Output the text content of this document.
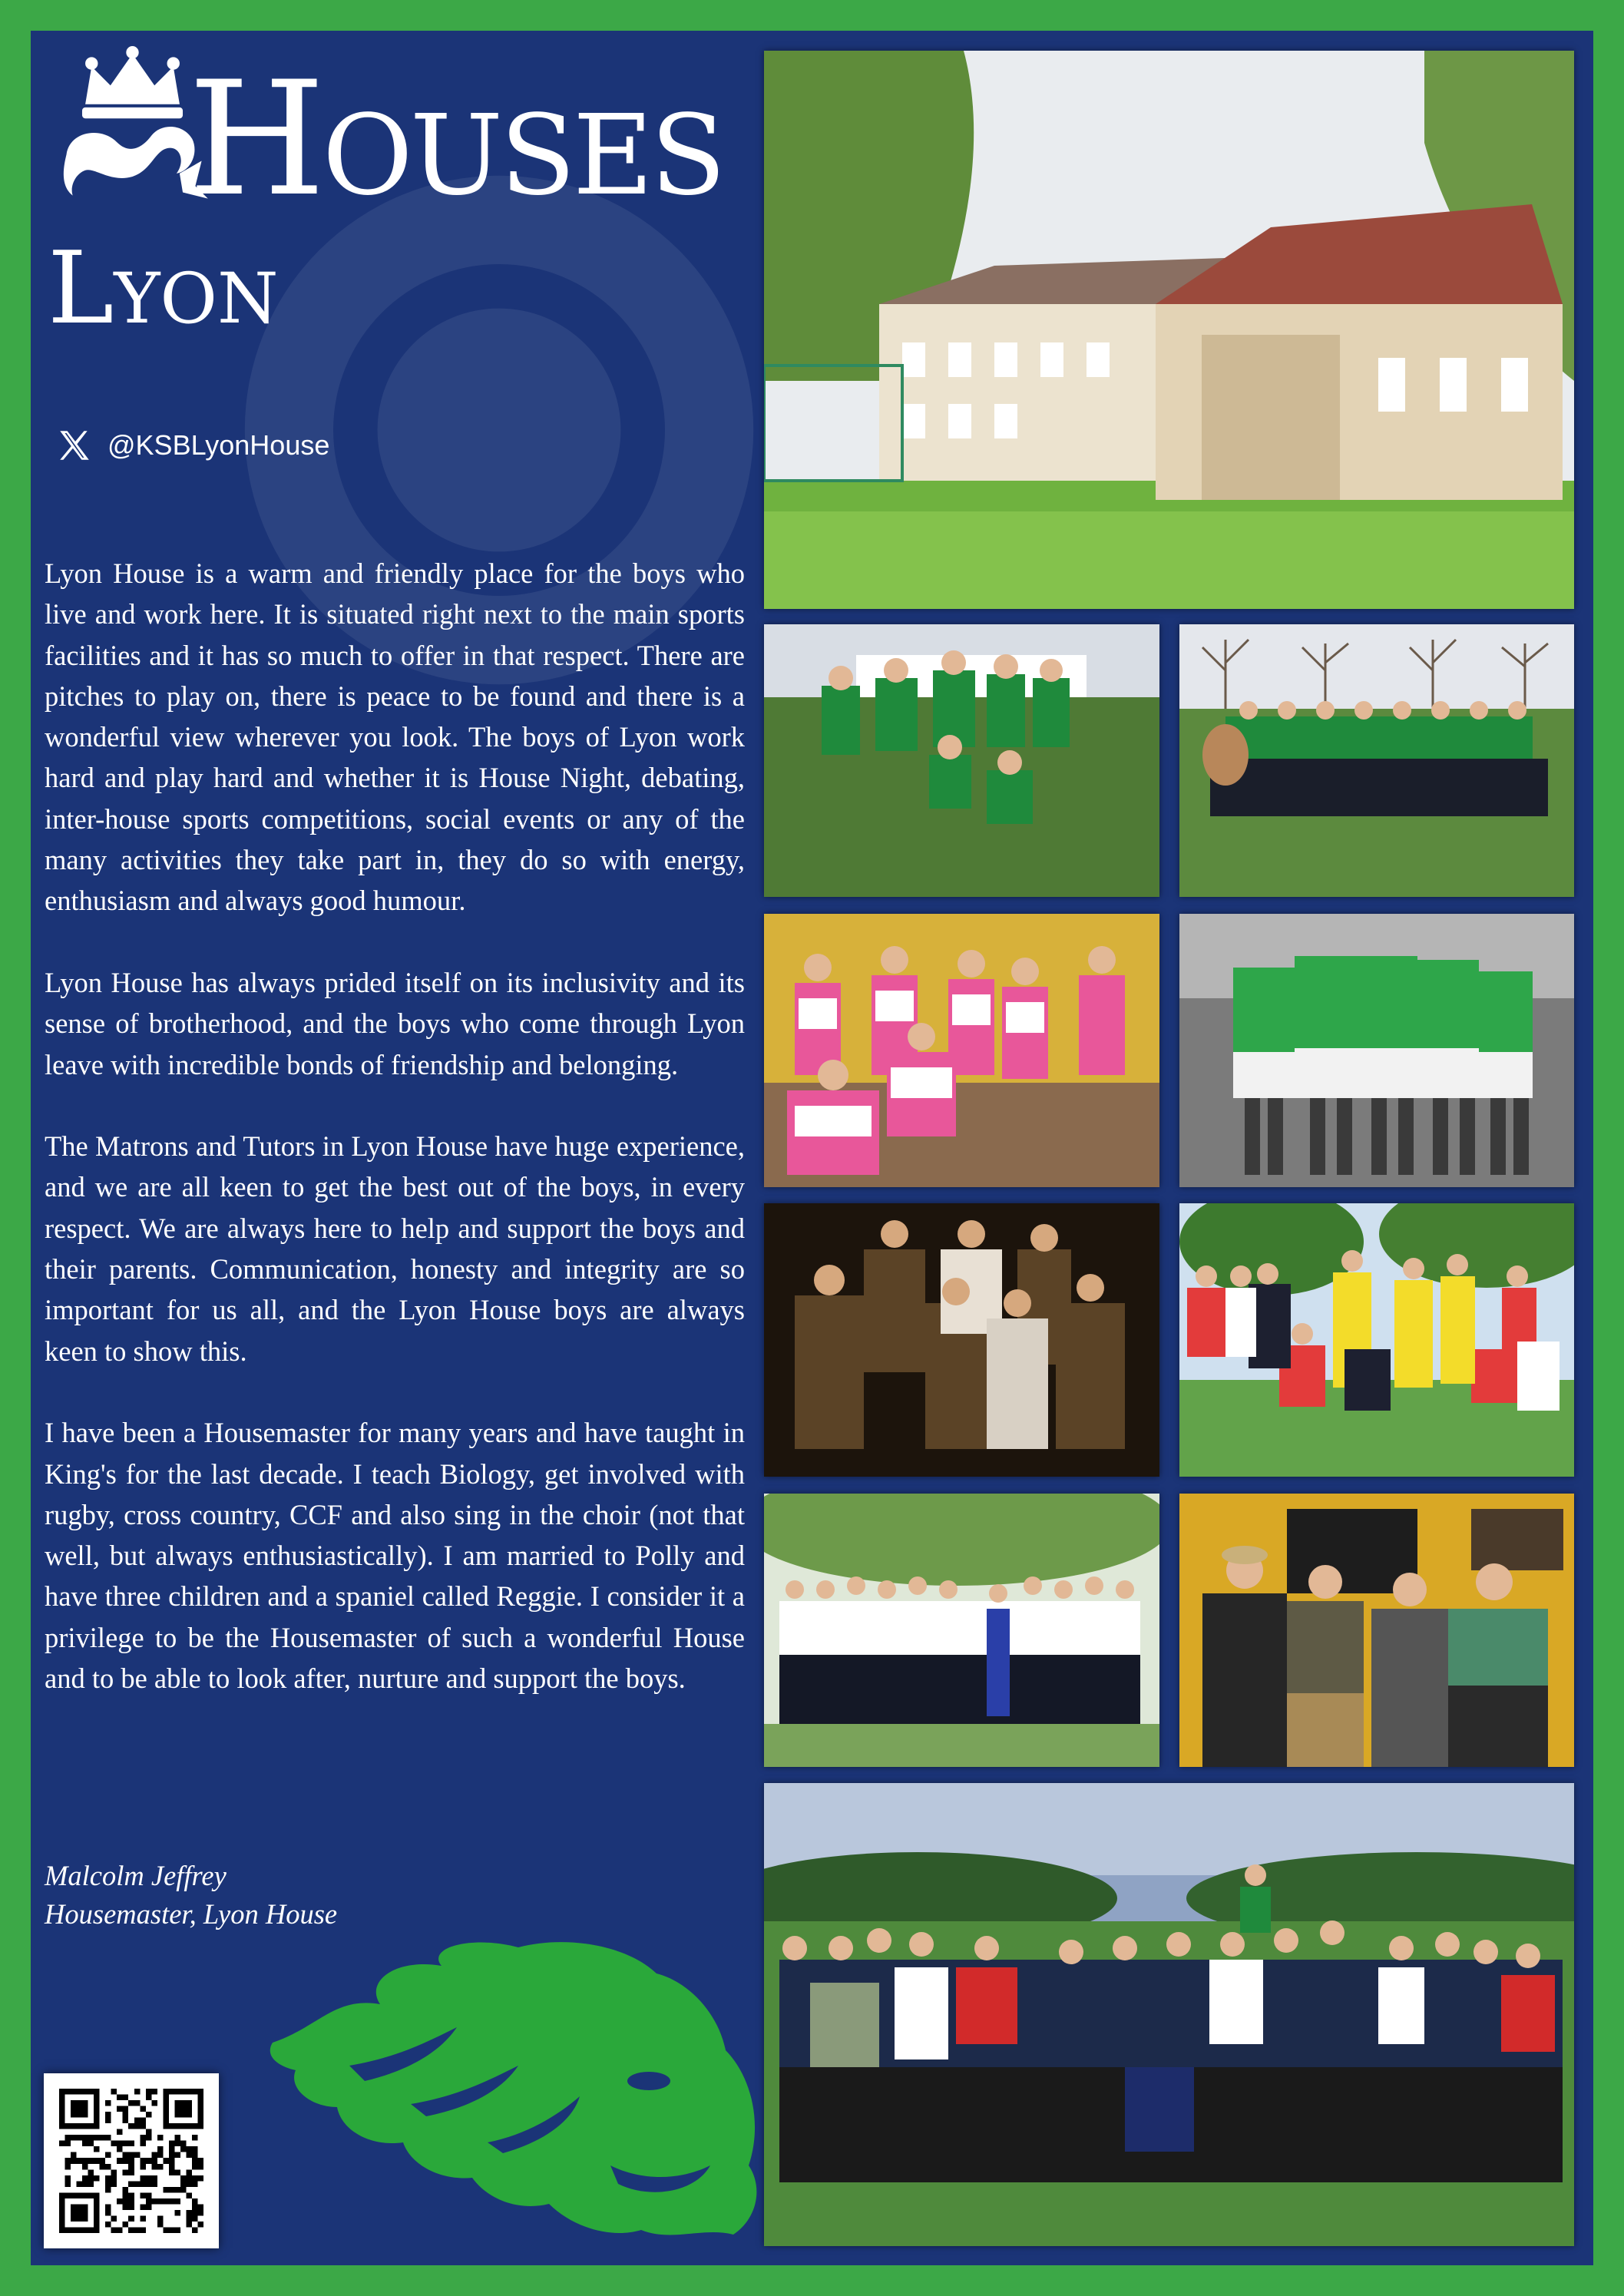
Houses
Lyon
@KSBLyonHouse

Lyon House is a warm and friendly place for the boys who live and work here. It is situated right next to the main sports facilities and it has so much to offer in that respect. There are pitches to play on, there is peace to be found and there is a wonderful view wherever you look. The boys of Lyon work hard and play hard and whether it is House Night, debating, inter-house sports competitions, social events or any of the many activities they take part in, they do so with energy, enthusiasm and always good humour.

Lyon House has always prided itself on its inclusivity and its sense of brotherhood, and the boys who come through Lyon leave with incredible bonds of friendship and belonging.

The Matrons and Tutors in Lyon House have huge experience, and we are all keen to get the best out of the boys, in every respect. We are always here to help and support the boys and their parents. Communication, honesty and integrity are so important for us all, and the Lyon House boys are always keen to show this.

I have been a Housemaster for many years and have taught in King's for the last decade. I teach Biology, get involved with rugby, cross country, CCF and also sing in the choir (not that well, but always enthusiastically). I am married to Polly and have three children and a spaniel called Reggie. I consider it a privilege to be the Housemaster of such a wonderful House and to be able to look after, nurture and support the boys.

Malcolm Jeffrey
Housemaster, Lyon House
